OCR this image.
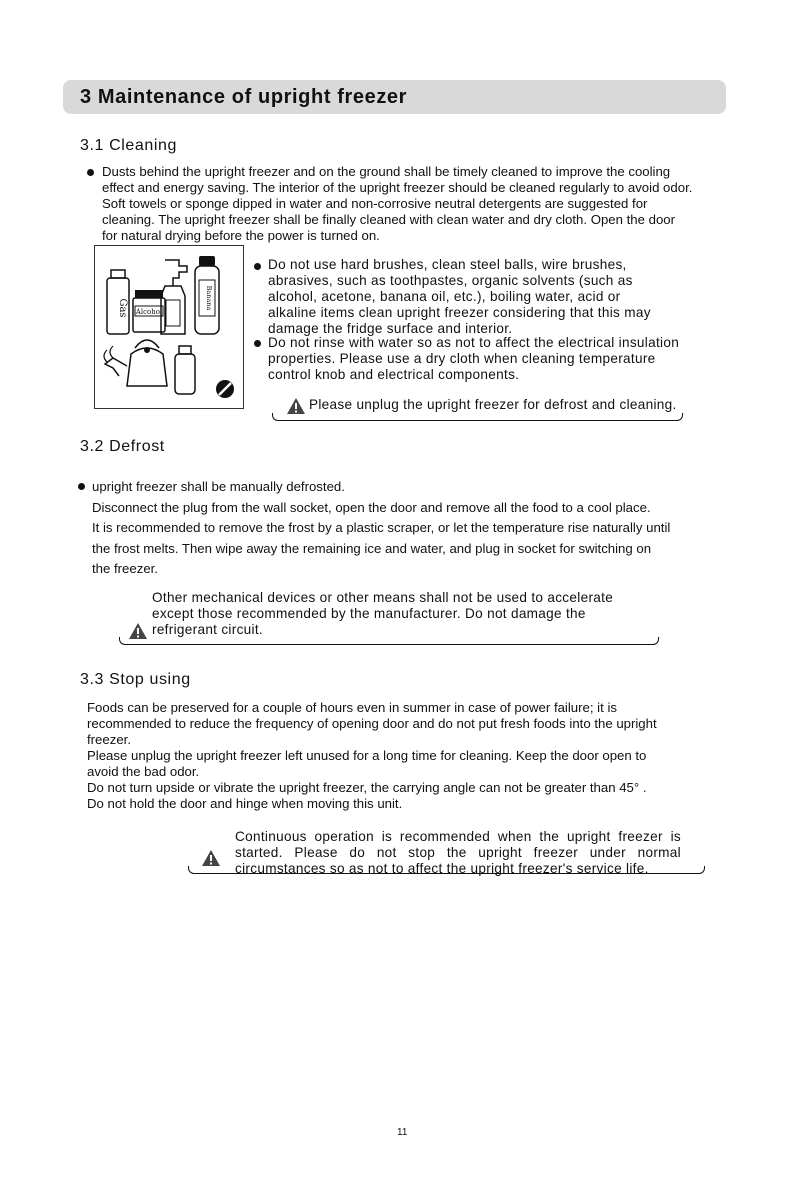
3 Maintenance of upright freezer
3.1 Cleaning
Dusts behind the upright freezer and on the ground shall be timely cleaned to improve the cooling
effect and energy saving. The interior of the upright freezer should be cleaned regularly to avoid odor.
Soft towels or sponge dipped in water and non-corrosive neutral detergents are suggested for
cleaning. The upright freezer shall be finally cleaned with clean water and dry cloth. Open the door
for natural drying before the power is turned on.
Gas Alcohol
Banana
Do not use hard brushes, clean steel balls, wire brushes,
abrasives, such as toothpastes, organic solvents (such as
alcohol, acetone, banana oil, etc.), boiling water, acid or
alkaline items clean upright freezer considering that this may
damage the fridge surface and interior.
Do not rinse with water so as not to affect the electrical insulation
properties. Please use a dry cloth when cleaning temperature
control knob and electrical components.
Please unplug the upright freezer for defrost and cleaning.
3.2 Defrost
upright freezer shall be manually defrosted.
Disconnect the plug from the wall socket, open the door and remove all the food to a cool place.
It is recommended to remove the frost by a plastic scraper, or let the temperature rise naturally until
the frost melts. Then wipe away the remaining ice and water, and plug in socket for switching on
the freezer.
Other mechanical devices or other means shall not be used to accelerate
except those recommended by the manufacturer. Do not damage the
refrigerant circuit.
3.3 Stop using
Foods can be preserved for a couple of hours even in summer in case of power failure; it is
recommended to reduce the frequency of opening door and do not put fresh foods into the upright
freezer.
Please unplug the upright freezer left unused for a long time for cleaning. Keep the door open to
avoid the bad odor.
Do not turn upside or vibrate the upright freezer, the carrying angle can not be greater than 45° .
Do not hold the door and hinge when moving this unit.
Continuous operation is recommended when the upright freezer is
started. Please do not stop the upright freezer under normal
circumstances so as not to affect the upright freezer's service life.
11
